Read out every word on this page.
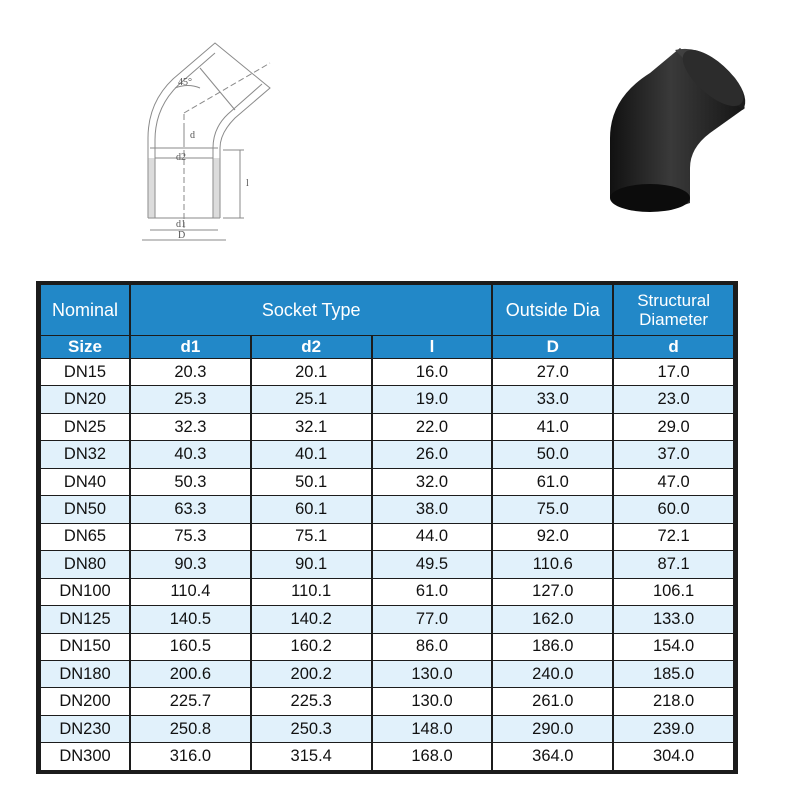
45°
d
d2
l
d1
D
Nominal	Socket Type			Outside Dia	Structural Diameter
Size	d1	d2	l	D	d
DN15	20.3	20.1	16.0	27.0	17.0
DN20	25.3	25.1	19.0	33.0	23.0
DN25	32.3	32.1	22.0	41.0	29.0
DN32	40.3	40.1	26.0	50.0	37.0
DN40	50.3	50.1	32.0	61.0	47.0
DN50	63.3	60.1	38.0	75.0	60.0
DN65	75.3	75.1	44.0	92.0	72.1
DN80	90.3	90.1	49.5	110.6	87.1
DN100	110.4	110.1	61.0	127.0	106.1
DN125	140.5	140.2	77.0	162.0	133.0
DN150	160.5	160.2	86.0	186.0	154.0
DN180	200.6	200.2	130.0	240.0	185.0
DN200	225.7	225.3	130.0	261.0	218.0
DN230	250.8	250.3	148.0	290.0	239.0
DN300	316.0	315.4	168.0	364.0	304.0
